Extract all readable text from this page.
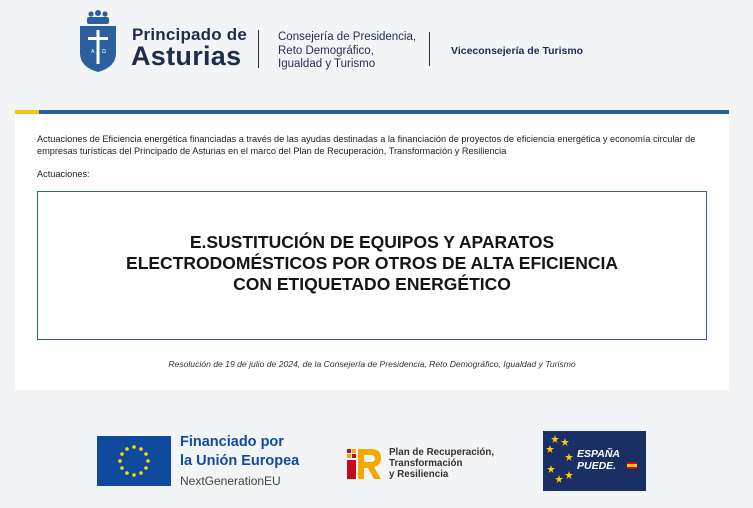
A Ω
Principado de
Asturias
Consejería de Presidencia,
Reto Demográfico,
Igualdad y Turismo
Viceconsejería de Turismo
Actuaciones de Eficiencia energética financiadas a través de las ayudas destinadas a la financiación de proyectos de eficiencia energética y economía circular de empresas turísticas del Principado de Asturias en el marco del Plan de Recuperación, Transformación y Resiliencia
Actuaciones:
E.SUSTITUCIÓN DE EQUIPOS Y APARATOS
ELECTRODOMÉSTICOS POR OTROS DE ALTA EFICIENCIA
CON ETIQUETADO ENERGÉTICO
Resolución de 19 de julio de 2024, de la Consejería de Presidencia, Reto Demográfico, Igualdad y Turismo
Financiado por
la Unión Europea
NextGenerationEU
Plan de Recuperación,
Transformación
y Resiliencia
ESPAÑA
PUEDE.
